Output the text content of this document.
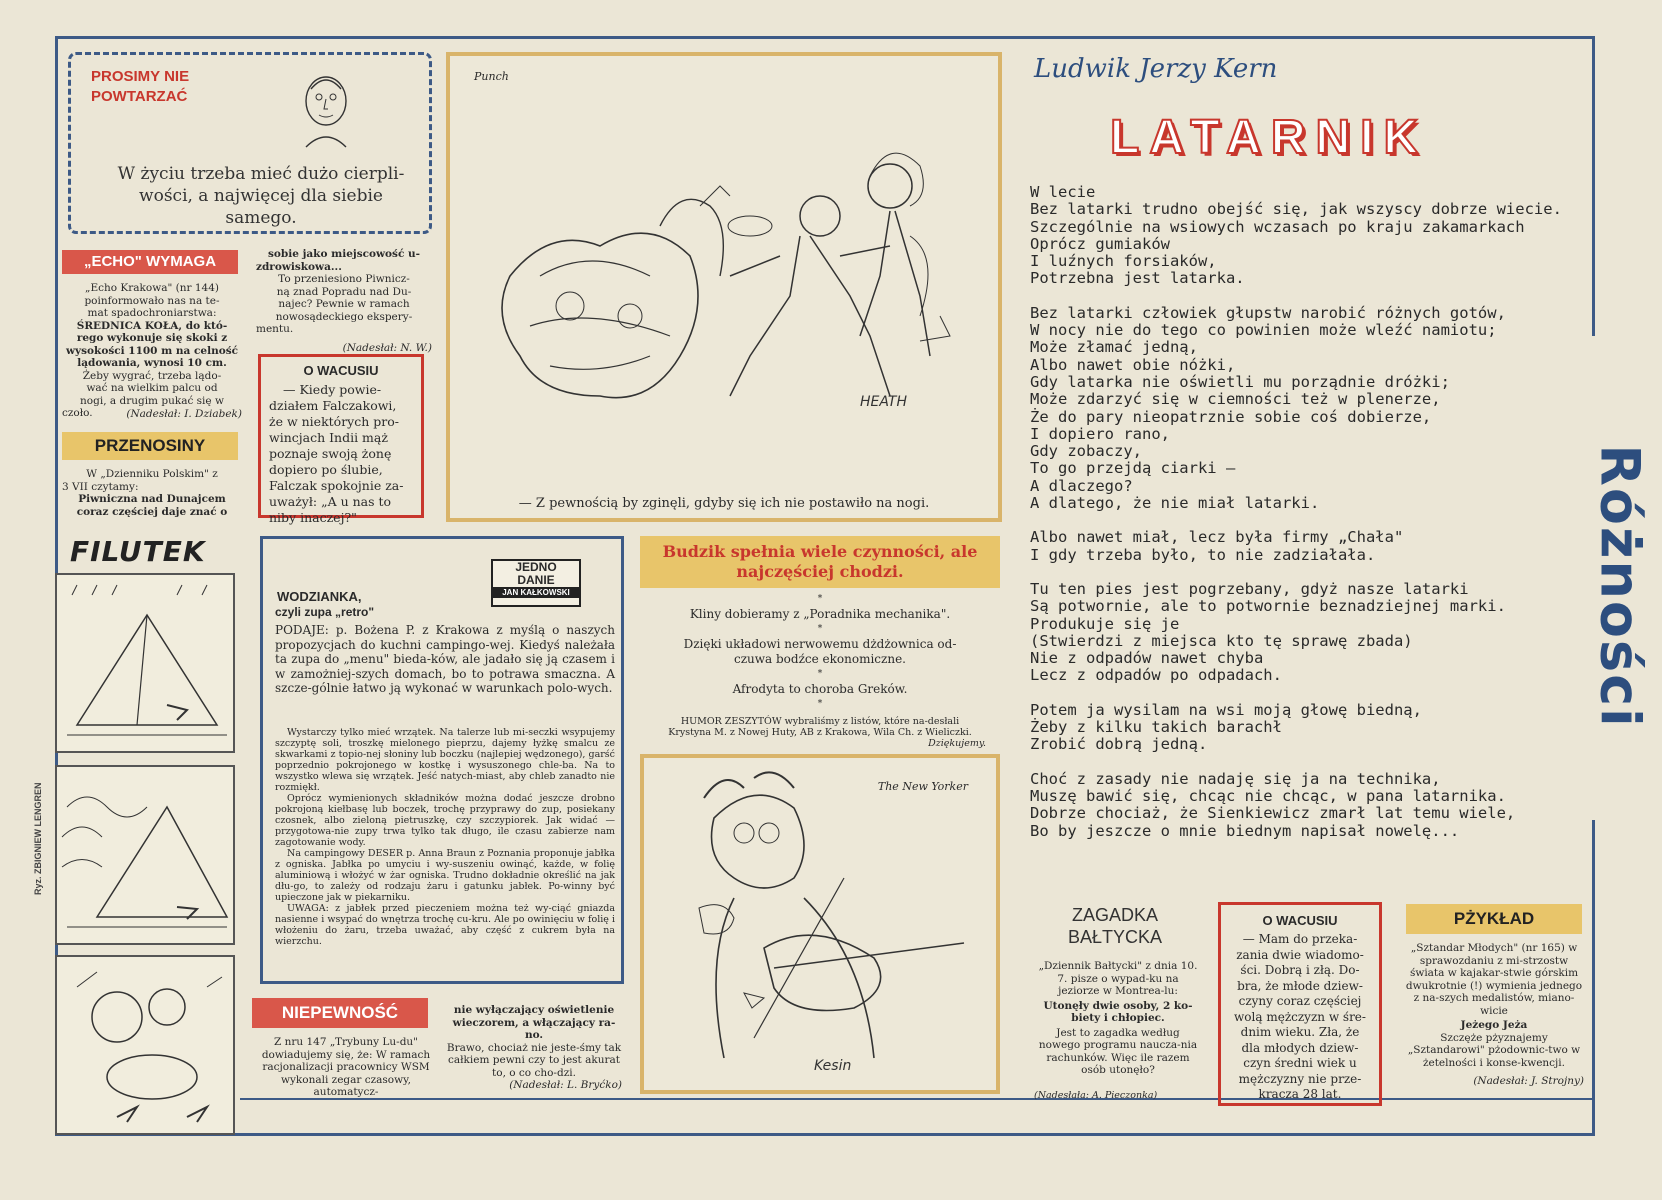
Różności
Ryz. ZBIGNIEW LENGREN
PROSIMY NIE
POWTARZAĆ
W życiu trzeba mieć dużo cierpli-
wości, a najwięcej dla siebie samego.
„ECHO" WYMAGA
„Echo Krakowa" (nr 144)
poinformowało nas na te-
mat spadochroniarstwa:
ŚREDNICA KOŁA, do któ-
rego wykonuje się skoki z
wysokości 1100 m na celność
lądowania, wynosi 10 cm.
Żeby wygrać, trzeba lądo-
wać na wielkim palcu od
nogi, a drugim pukać się w
czoło.	(Nadesłał: I. Dziabek)
sobie jako miejscowość u-
zdrowiskowa...
To przeniesiono Piwnicz-
ną znad Popradu nad Du-
najec? Pewnie w ramach
nowosądeckiego ekspery-
mentu.
(Nadesłał: N. W.)
PRZENOSINY
W „Dzienniku Polskim" z
3 VII czytamy:
Piwniczna nad Dunajcem
coraz częściej daje znać o
O WACUSIU
— Kiedy powie-
działem Falczakowi,
że w niektórych pro-
wincjach Indii mąż
poznaje swoją żonę
dopiero po ślubie,
Falczak spokojnie za-
uważył: „A u nas to
niby inaczej?"
FILUTEK
Punch
HEATH
— Z pewnością by zginęli, gdyby się ich nie postawiło na nogi.
Ludwik Jerzy Kern
LATARNIK

W lecie

Bez latarki trudno obejść się, jak wszyscy dobrze wiecie.

Szczególnie na wsiowych wczasach po kraju zakamarkach

Oprócz gumiaków

I luźnych forsiaków,

Potrzebna jest latarka.

Bez latarki człowiek głupstw narobić różnych gotów,

W nocy nie do tego co powinien może wleźć namiotu;

Może złamać jedną,

Albo nawet obie nóżki,

Gdy latarka nie oświetli mu porządnie dróżki;

Może zdarzyć się w ciemności też w plenerze,

Że do pary nieopatrznie sobie coś dobierze,

I dopiero rano,

Gdy zobaczy,

To go przejdą ciarki —

A dlaczego?

A dlatego, że nie miał latarki.

Albo nawet miał, lecz była firmy „Chała"

I gdy trzeba było, to nie zadziałała.

Tu ten pies jest pogrzebany, gdyż nasze latarki

Są potwornie, ale to potwornie beznadziejnej marki.

Produkuje się je

(Stwierdzi z miejsca kto tę sprawę zbada)

Nie z odpadów nawet chyba

Lecz z odpadów po odpadach.

Potem ja wysilam na wsi moją głowę biedną,

Żeby z kilku takich barachł

Zrobić dobrą jedną.

Choć z zasady nie nadaję się ja na technika,

Muszę bawić się, chcąc nie chcąc, w pana latarnika.

Dobrze chociaż, że Sienkiewicz zmarł lat temu wiele,

Bo by jeszcze o mnie biednym napisał nowelę...

JEDNO
DANIE
JAN KAŁKOWSKI
WODZIANKA,
czyli zupa „retro"
PODAJE: p. Bożena P. z Krakowa z myślą o naszych propozycjach do kuchni campingo-wej. Kiedyś należała ta zupa do „menu" bieda-ków, ale jadało się ją czasem i w zamożniej-szych domach, bo to potrawa smaczna. A szcze-gólnie łatwo ją wykonać w warunkach polo-wych.
Wystarczy tylko mieć wrzątek. Na talerze lub mi-seczki wsypujemy szczyptę soli, troszkę mielonego pieprzu, dajemy łyżkę smalcu ze skwarkami z topio-nej słoniny lub boczku (najlepiej wędzonego), garść poprzednio pokrojonego w kostkę i wysuszonego chle-ba. Na to wszystko wlewa się wrzątek. Jeść natych-miast, aby chleb zanadto nie rozmiękł.
Oprócz wymienionych składników można dodać jeszcze drobno pokrojoną kiełbasę lub boczek, trochę przyprawy do zup, posiekany czosnek, albo zieloną pietruszkę, czy szczypiorek. Jak widać — przygotowa-nie zupy trwa tylko tak długo, ile czasu zabierze nam zagotowanie wody.
Na campingowy DESER p. Anna Braun z Poznania proponuje jabłka z ogniska. Jabłka po umyciu i wy-suszeniu owinąć, każde, w folię aluminiową i włożyć w żar ogniska. Trudno dokładnie określić na jak dłu-go, to zależy od rodzaju żaru i gatunku jabłek. Po-winny być upieczone jak w piekarniku.
UWAGA: z jabłek przed pieczeniem można też wy-ciąć gniazda nasienne i wsypać do wnętrza trochę cu-kru. Ale po owinięciu w folię i włożeniu do żaru, trzeba uważać, aby część z cukrem była na wierzchu.
Budzik spełnia wiele czynności, ale najczęściej chodzi.
*
Kliny dobieramy z „Poradnika mechanika".
*
Dzięki układowi nerwowemu dżdżownica od-czuwa bodźce ekonomiczne.
*
Afrodyta to choroba Greków.
*
HUMOR ZESZYTÓW wybraliśmy z listów, które na-desłali Krystyna M. z Nowej Huty, AB z Krakowa, Wila Ch. z Wieliczki.
Dziękujemy.
The New Yorker
Kesin
NIEPEWNOŚĆ
Z nru 147 „Trybuny Lu-du" dowiadujemy się, że: W ramach racjonalizacji pracownicy WSM wykonali zegar czasowy, automatycz-
nie wyłączający oświetlenie wieczorem, a włączający ra-no.
Brawo, chociaż nie jeste-śmy tak całkiem pewni czy to jest akurat to, o co cho-dzi.
(Nadesłał: L. Bryćko)
ZAGADKA
BAŁTYCKA
„Dziennik Bałtycki" z dnia 10. 7. pisze o wypad-ku na jeziorze w Montrea-lu:
Utonęły dwie osoby, 2 ko-biety i chłopiec.
Jest to zagadka według nowego programu naucza-nia rachunków. Więc ile razem osób utonęło?
(Nadesłała: A. Pieczonka)
O WACUSIU
— Mam do przeka-zania dwie wiadomo-ści. Dobrą i złą. Do-bra, że młode dziew-czyny coraz częściej wolą mężczyzn w śre-dnim wieku. Zła, że dla młodych dziew-czyn średni wiek u mężczyzny nie prze-kracza 28 lat.
PŻYKŁAD
„Sztandar Młodych" (nr 165) w sprawozdaniu z mi-strzostw świata w kajakar-stwie górskim dwukrotnie (!) wymienia jednego z na-szych medalistów, miano-wicie
Jeżego Jeża
Szczęże pżyznajemy „Sztandarowi" pżodownic-two w żetelności i konse-kwencji.
(Nadesłał: J. Strojny)
